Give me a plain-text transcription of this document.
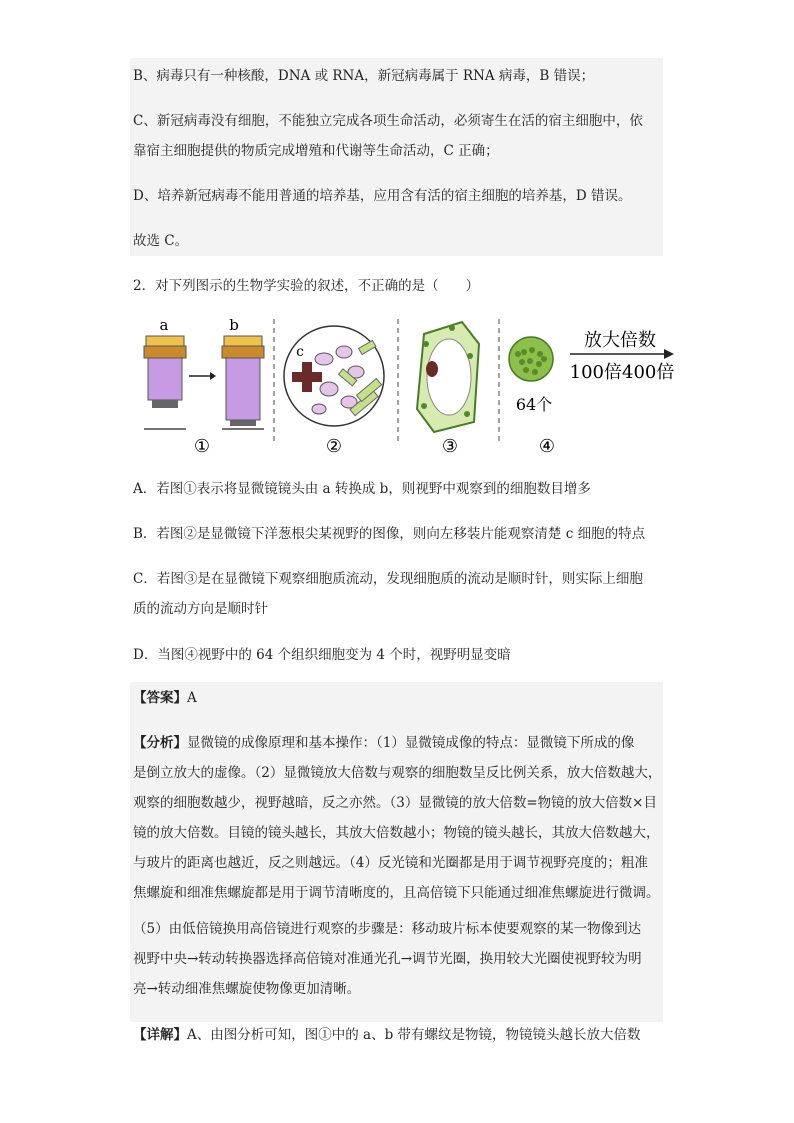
B、病毒只有一种核酸，DNA 或 RNA，新冠病毒属于 RNA 病毒，B 错误；
C、新冠病毒没有细胞，不能独立完成各项生命活动，必须寄生在活的宿主细胞中，依
靠宿主细胞提供的物质完成增殖和代谢等生命活动，C 正确；
D、培养新冠病毒不能用普通的培养基，应用含有活的宿主细胞的培养基，D 错误。
故选 C。
2．对下列图示的生物学实验的叙述，不正确的是（　　）
a	b
①
c
②	③
64个
④
放大倍数
100倍400倍
A．若图①表示将显微镜镜头由 a 转换成 b，则视野中观察到的细胞数目增多
B．若图②是显微镜下洋葱根尖某视野的图像，则向左移装片能观察清楚 c 细胞的特点
C．若图③是在显微镜下观察细胞质流动，发现细胞质的流动是顺时针，则实际上细胞
质的流动方向是顺时针
D．当图④视野中的 64 个组织细胞变为 4 个时，视野明显变暗
【答案】A
【分析】显微镜的成像原理和基本操作：（1）显微镜成像的特点：显微镜下所成的像
是倒立放大的虚像。（2）显微镜放大倍数与观察的细胞数呈反比例关系，放大倍数越大，
观察的细胞数越少，视野越暗，反之亦然。（3）显微镜的放大倍数=物镜的放大倍数×目
镜的放大倍数。目镜的镜头越长，其放大倍数越小；物镜的镜头越长，其放大倍数越大，
与玻片的距离也越近，反之则越远。（4）反光镜和光圈都是用于调节视野亮度的；粗准
焦螺旋和细准焦螺旋都是用于调节清晰度的，且高倍镜下只能通过细准焦螺旋进行微调。
（5）由低倍镜换用高倍镜进行观察的步骤是：移动玻片标本使要观察的某一物像到达
视野中央→转动转换器选择高倍镜对准通光孔→调节光圈，换用较大光圈使视野较为明
亮→转动细准焦螺旋使物像更加清晰。
【详解】A、由图分析可知，图①中的 a、b 带有螺纹是物镜，物镜镜头越长放大倍数
